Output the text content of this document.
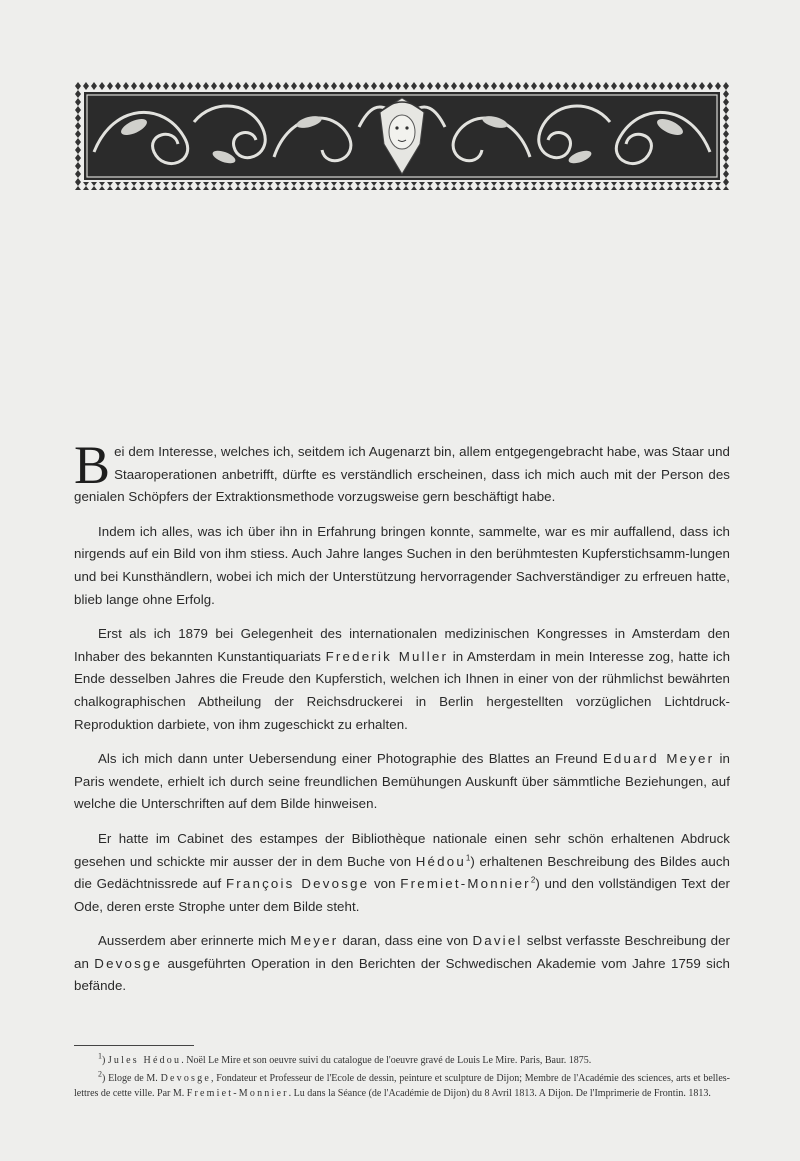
Bei dem Interesse, welches ich, seitdem ich Augenarzt bin, allem entgegengebracht habe, was Staar und Staaroperationen anbetrifft, dürfte es verständlich erscheinen, dass ich mich auch mit der Person des genialen Schöpfers der Extraktionsmethode vorzugsweise gern beschäftigt habe.

Indem ich alles, was ich über ihn in Erfahrung bringen konnte, sammelte, war es mir auffallend, dass ich nirgends auf ein Bild von ihm stiess. Auch Jahre langes Suchen in den berühmtesten Kupferstichsamm-lungen und bei Kunsthändlern, wobei ich mich der Unterstützung hervorragender Sachverständiger zu erfreuen hatte, blieb lange ohne Erfolg.

Erst als ich 1879 bei Gelegenheit des internationalen medizinischen Kongresses in Amsterdam den Inhaber des bekannten Kunstantiquariats Frederik Muller in Amsterdam in mein Interesse zog, hatte ich Ende desselben Jahres die Freude den Kupferstich, welchen ich Ihnen in einer von der rühmlichst bewährten chalkographischen Abtheilung der Reichsdruckerei in Berlin hergestellten vorzüglichen Lichtdruck-Reproduktion darbiete, von ihm zugeschickt zu erhalten.

Als ich mich dann unter Uebersendung einer Photographie des Blattes an Freund Eduard Meyer in Paris wendete, erhielt ich durch seine freundlichen Bemühungen Auskunft über sämmtliche Beziehungen, auf welche die Unterschriften auf dem Bilde hinweisen.

Er hatte im Cabinet des estampes der Bibliothèque nationale einen sehr schön erhaltenen Abdruck gesehen und schickte mir ausser der in dem Buche von Hédou$^1$) erhaltenen Beschreibung des Bildes auch die Gedächtnissrede auf François Devosge von Fremiet-Monnier$^2$) und den vollständigen Text der Ode, deren erste Strophe unter dem Bilde steht.

Ausserdem aber erinnerte mich Meyer daran, dass eine von Daviel selbst verfasste Beschreibung der an Devosge ausgeführten Operation in den Berichten der Schwedischen Akademie vom Jahre 1759 sich befände.

$^1$) Jules Hédou. Noël Le Mire et son oeuvre suivi du catalogue de l'oeuvre gravé de Louis Le Mire. Paris, Baur. 1875.

$^2$) Eloge de M. Devosge, Fondateur et Professeur de l'Ecole de dessin, peinture et sculpture de Dijon; Membre de l'Académie des sciences, arts et belles-lettres de cette ville. Par M. Fremiet-Monnier. Lu dans la Séance (de l'Académie de Dijon) du 8 Avril 1813. A Dijon. De l'Imprimerie de Frontin. 1813.
